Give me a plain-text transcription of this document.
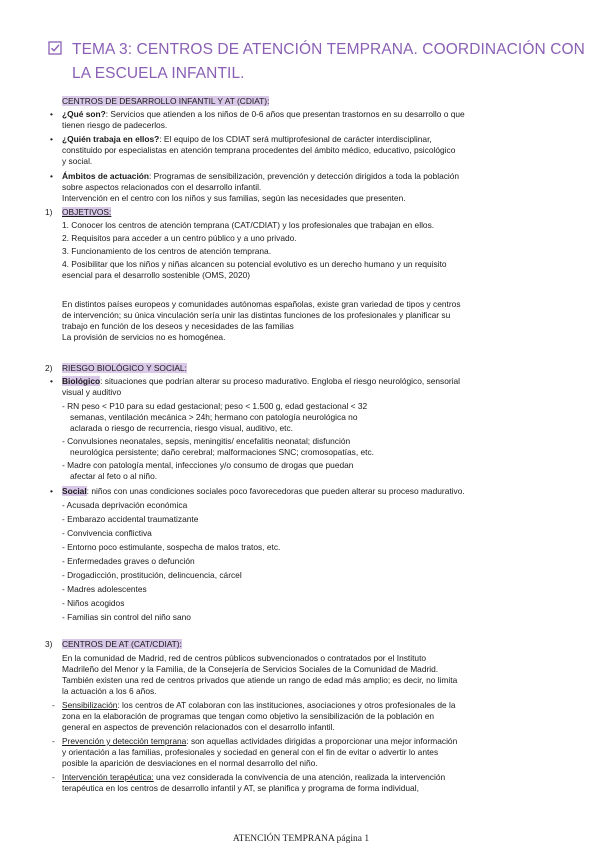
TEMA 3: CENTROS DE ATENCIÓN TEMPRANA. COORDINACIÓN CON LA ESCUELA INFANTIL.
CENTROS DE DESARROLLO INFANTIL Y AT (CDIAT):
• ¿Qué son?: Servicios que atienden a los niños de 0-6 años que presentan trastornos en su desarrollo o que
tienen riesgo de padecerlos.
• ¿Quién trabaja en ellos?: El equipo de los CDIAT será multiprofesional de carácter interdisciplinar,
constituido por especialistas en atención temprana procedentes del ámbito médico, educativo, psicológico
y social.
• Ámbitos de actuación: Programas de sensibilización, prevención y detección dirigidos a toda la población
sobre aspectos relacionados con el desarrollo infantil.
Intervención en el centro con los niños y sus familias, según las necesidades que presenten.
1) OBJETIVOS:
1. Conocer los centros de atención temprana (CAT/CDIAT) y los profesionales que trabajan en ellos.
2. Requisitos para acceder a un centro público y a uno privado.
3. Funcionamiento de los centros de atención temprana.
4. Posibilitar que los niños y niñas alcancen su potencial evolutivo es un derecho humano y un requisito
esencial para el desarrollo sostenible (OMS, 2020)
En distintos países europeos y comunidades autónomas españolas, existe gran variedad de tipos y centros
de intervención; su única vinculación sería unir las distintas funciones de los profesionales y planificar su
trabajo en función de los deseos y necesidades de las familias
La provisión de servicios no es homogénea.
2) RIESGO BIOLÓGICO Y SOCIAL:
• Biológico: situaciones que podrían alterar su proceso madurativo. Engloba el riesgo neurológico, sensorial
visual y auditivo
- RN peso < P10 para su edad gestacional; peso < 1.500 g, edad gestacional < 32
semanas, ventilación mecánica > 24h; hermano con patología neurológica no
aclarada o riesgo de recurrencia, riesgo visual, auditivo, etc.
- Convulsiones neonatales, sepsis, meningitis/ encefalitis neonatal; disfunción
neurológica persistente; daño cerebral; malformaciones SNC; cromosopatías, etc.
- Madre con patología mental, infecciones y/o consumo de drogas que puedan
afectar al feto o al niño.
• Social: niños con unas condiciones sociales poco favorecedoras que pueden alterar su proceso madurativo.
- Acusada deprivación económica
- Embarazo accidental traumatizante
- Convivencia conflictiva
- Entorno poco estimulante, sospecha de malos tratos, etc.
- Enfermedades graves o defunción
- Drogadicción, prostitución, delincuencia, cárcel
- Madres adolescentes
- Niños acogidos
- Familias sin control del niño sano
3) CENTROS DE AT (CAT/CDIAT):
En la comunidad de Madrid, red de centros públicos subvencionados o contratados por el Instituto
Madrileño del Menor y la Familia, de la Consejería de Servicios Sociales de la Comunidad de Madrid.
También existen una red de centros privados que atiende un rango de edad más amplio; es decir, no limita
la actuación a los 6 años.
- Sensibilización: los centros de AT colaboran con las instituciones, asociaciones y otros profesionales de la
zona en la elaboración de programas que tengan como objetivo la sensibilización de la población en
general en aspectos de prevención relacionados con el desarrollo infantil.
- Prevención y detección temprana: son aquellas actividades dirigidas a proporcionar una mejor información
y orientación a las familias, profesionales y sociedad en general con el fin de evitar o advertir lo antes
posible la aparición de desviaciones en el normal desarrollo del niño.
- Intervención terapéutica: una vez considerada la convivencia de una atención, realizada la intervención
terapéutica en los centros de desarrollo infantil y AT, se planifica y programa de forma individual,
ATENCIÓN TEMPRANA página 1
